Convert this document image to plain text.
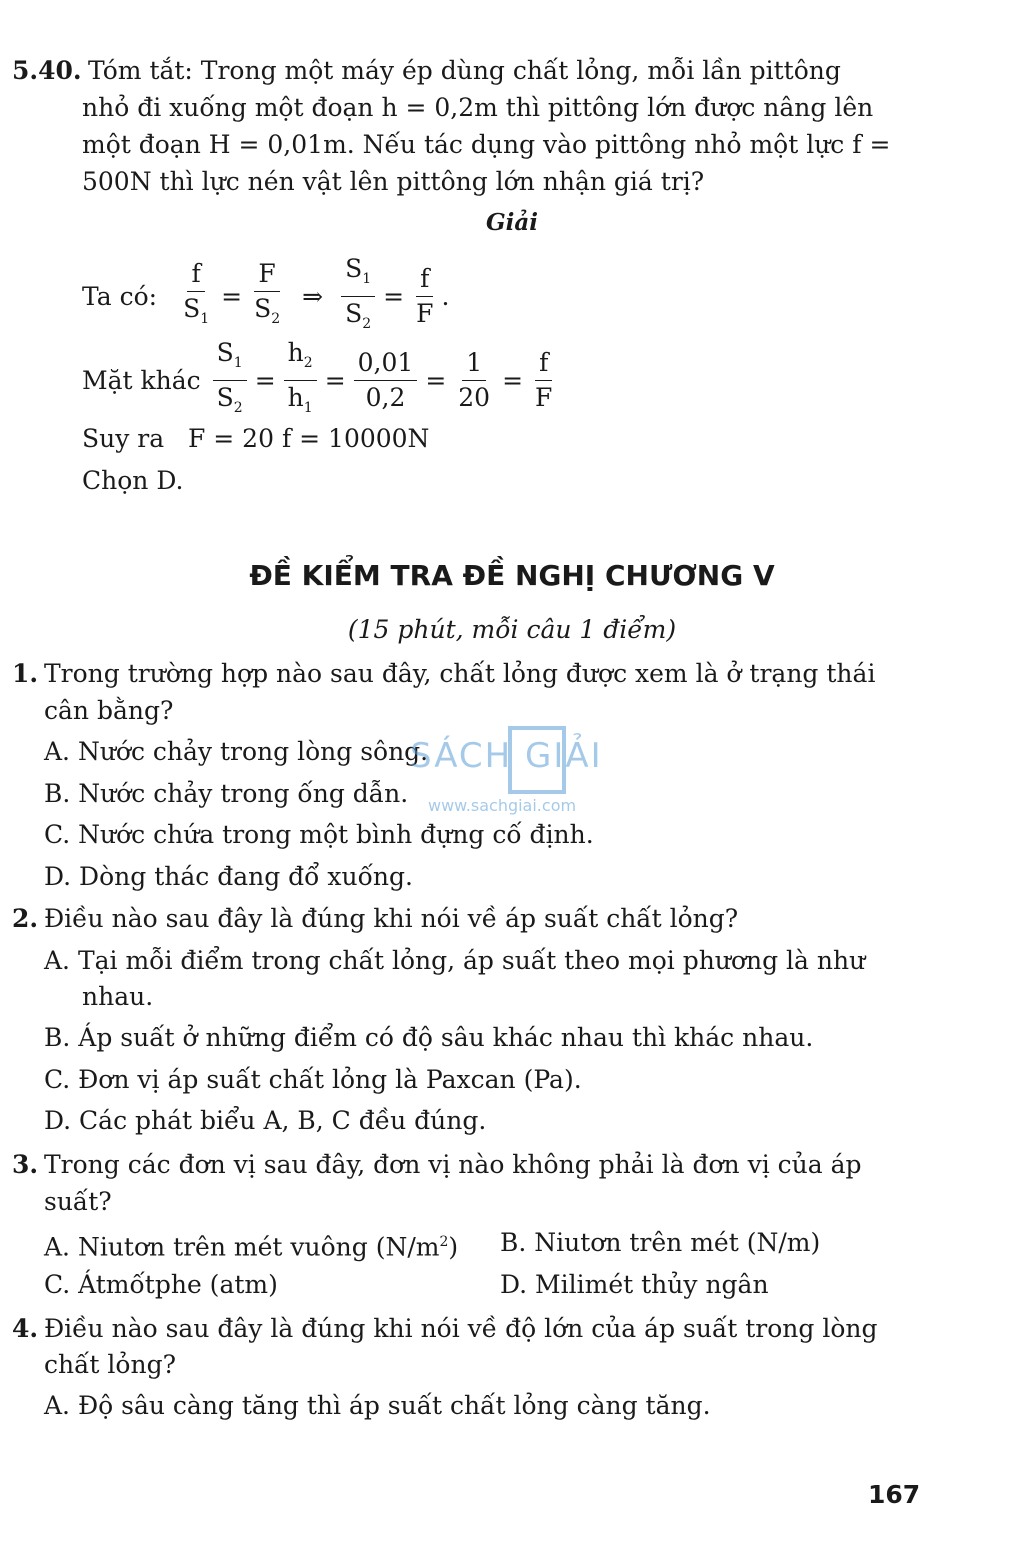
5.40. Tóm tắt: Trong một máy ép dùng chất lỏng, mỗi lần pittông
nhỏ đi xuống một đoạn h = 0,2m thì pittông lớn được nâng lên
một đoạn H = 0,01m. Nếu tác dụng vào pittông nhỏ một lực f =
500N thì lực nén vật lên pittông lớn nhận giá trị?
Giải
Ta có: $\frac{f}{S_1} = \frac{F}{S_2}$ ⇒ $\frac{S_1}{S_2} = \frac{f}{F}$ .
Mặt khác $\frac{S_1}{S_2} = \frac{h_2}{h_1} = \frac{0,01}{0,2} = \frac{1}{20} = \frac{f}{F}$
Suy ra   F = 20 f = 10000N
Chọn D.
ĐỀ KIỂM TRA ĐỀ NGHỊ CHƯƠNG V
(15 phút, mỗi câu 1 điểm)
1. Trong trường hợp nào sau đây, chất lỏng được xem là ở trạng thái
cân bằng?
A. Nước chảy trong lòng sông.
B. Nước chảy trong ống dẫn.
C. Nước chứa trong một bình đựng cố định.
D. Dòng thác đang đổ xuống.
SÁCH GIẢI
www.sachgiai.com
2. Điều nào sau đây là đúng khi nói về áp suất chất lỏng?
A. Tại mỗi điểm trong chất lỏng, áp suất theo mọi phương là như
nhau.
B. Áp suất ở những điểm có độ sâu khác nhau thì khác nhau.
C. Đơn vị áp suất chất lỏng là Paxcan (Pa).
D. Các phát biểu A, B, C đều đúng.
3. Trong các đơn vị sau đây, đơn vị nào không phải là đơn vị của áp
suất?
A. Niutơn trên mét vuông $(N/m^2)$ B. Niutơn trên mét (N/m)
C. Átmốtphe (atm)	D. Milimét thủy ngân
4. Điều nào sau đây là đúng khi nói về độ lớn của áp suất trong lòng
chất lỏng?
A. Độ sâu càng tăng thì áp suất chất lỏng càng tăng.
167
